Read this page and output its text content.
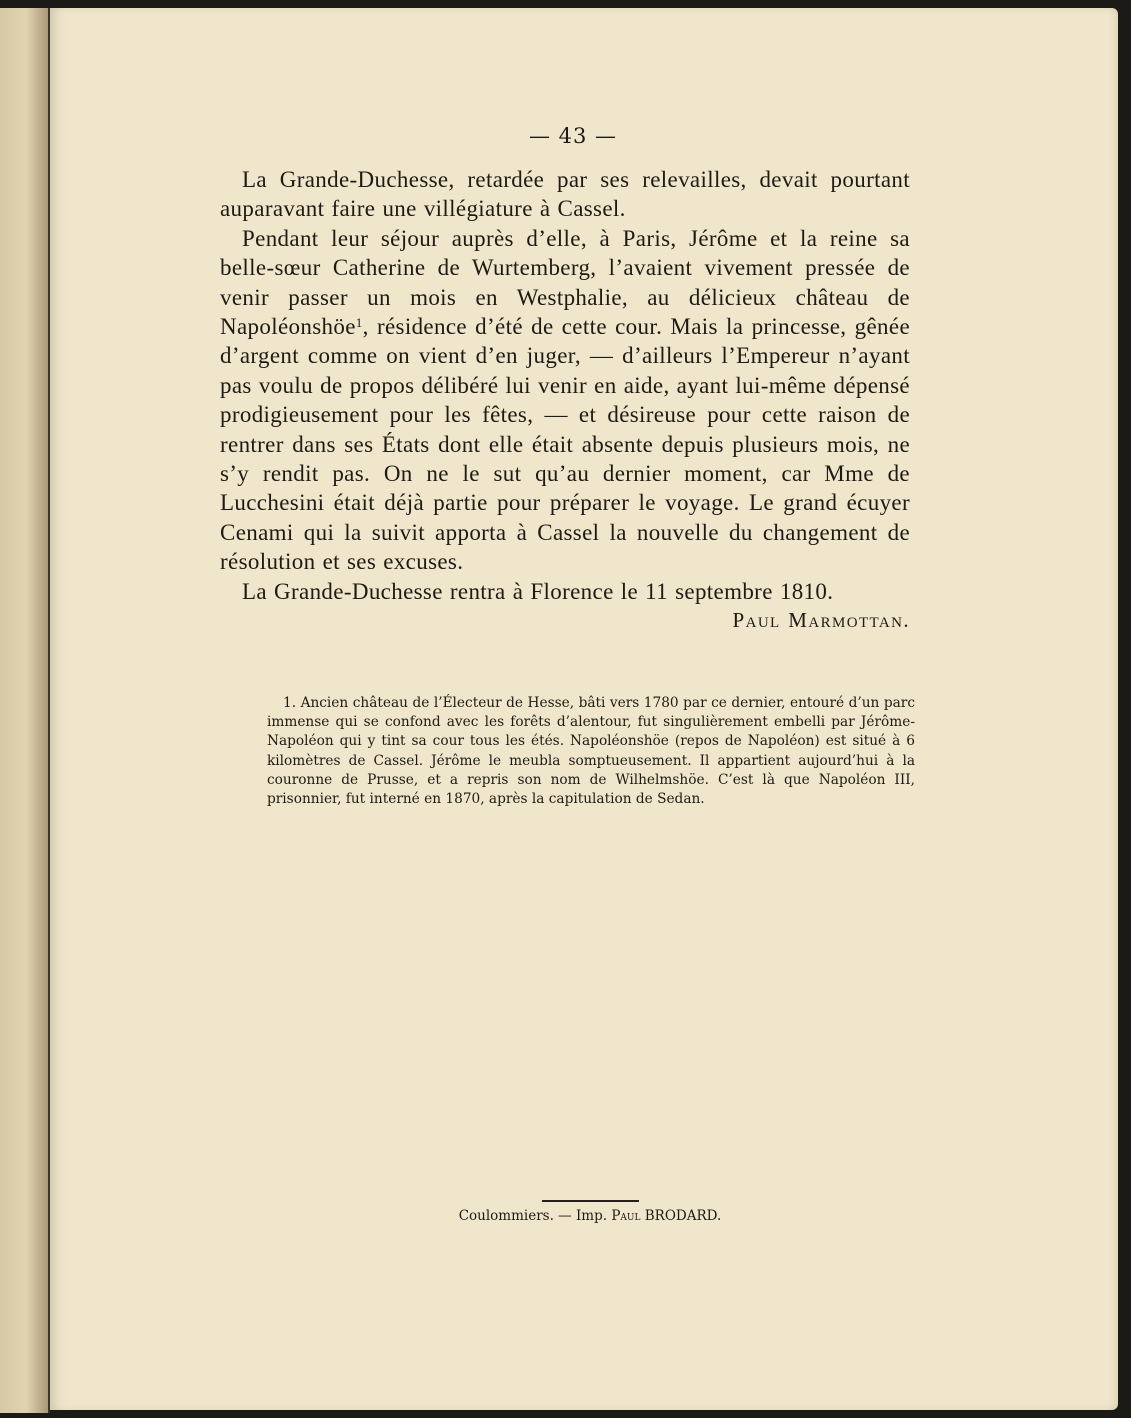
— 43 —

La Grande-Duchesse, retardée par ses relevailles, devait pourtant auparavant faire une villégiature à Cassel.

Pendant leur séjour auprès d’elle, à Paris, Jérôme et la reine sa belle-sœur Catherine de Wurtemberg, l’avaient vivement pressée de venir passer un mois en Westphalie, au délicieux château de Napoléonshöe$^1$, résidence d’été de cette cour. Mais la princesse, gênée d’argent comme on vient d’en juger, — d’ailleurs l’Empereur n’ayant pas voulu de propos délibéré lui venir en aide, ayant lui-même dépensé prodigieusement pour les fêtes, — et désireuse pour cette raison de rentrer dans ses États dont elle était absente depuis plusieurs mois, ne s’y rendit pas. On ne le sut qu’au dernier moment, car Mme de Lucchesini était déjà partie pour préparer le voyage. Le grand écuyer Cenami qui la suivit apporta à Cassel la nouvelle du changement de résolution et ses excuses.

La Grande-Duchesse rentra à Florence le 11 septembre 1810.

Paul Marmottan.

1. Ancien château de l’Électeur de Hesse, bâti vers 1780 par ce dernier, entouré d’un parc immense qui se confond avec les forêts d’alentour, fut singulièrement embelli par Jérôme-Napoléon qui y tint sa cour tous les étés. Napoléonshöe (repos de Napoléon) est situé à 6 kilomètres de Cassel. Jérôme le meubla somptueusement. Il appartient aujourd’hui à la couronne de Prusse, et a repris son nom de Wilhelmshöe. C’est là que Napoléon III, prisonnier, fut interné en 1870, après la capitulation de Sedan.

Coulommiers. — Imp. Paul BRODARD.
